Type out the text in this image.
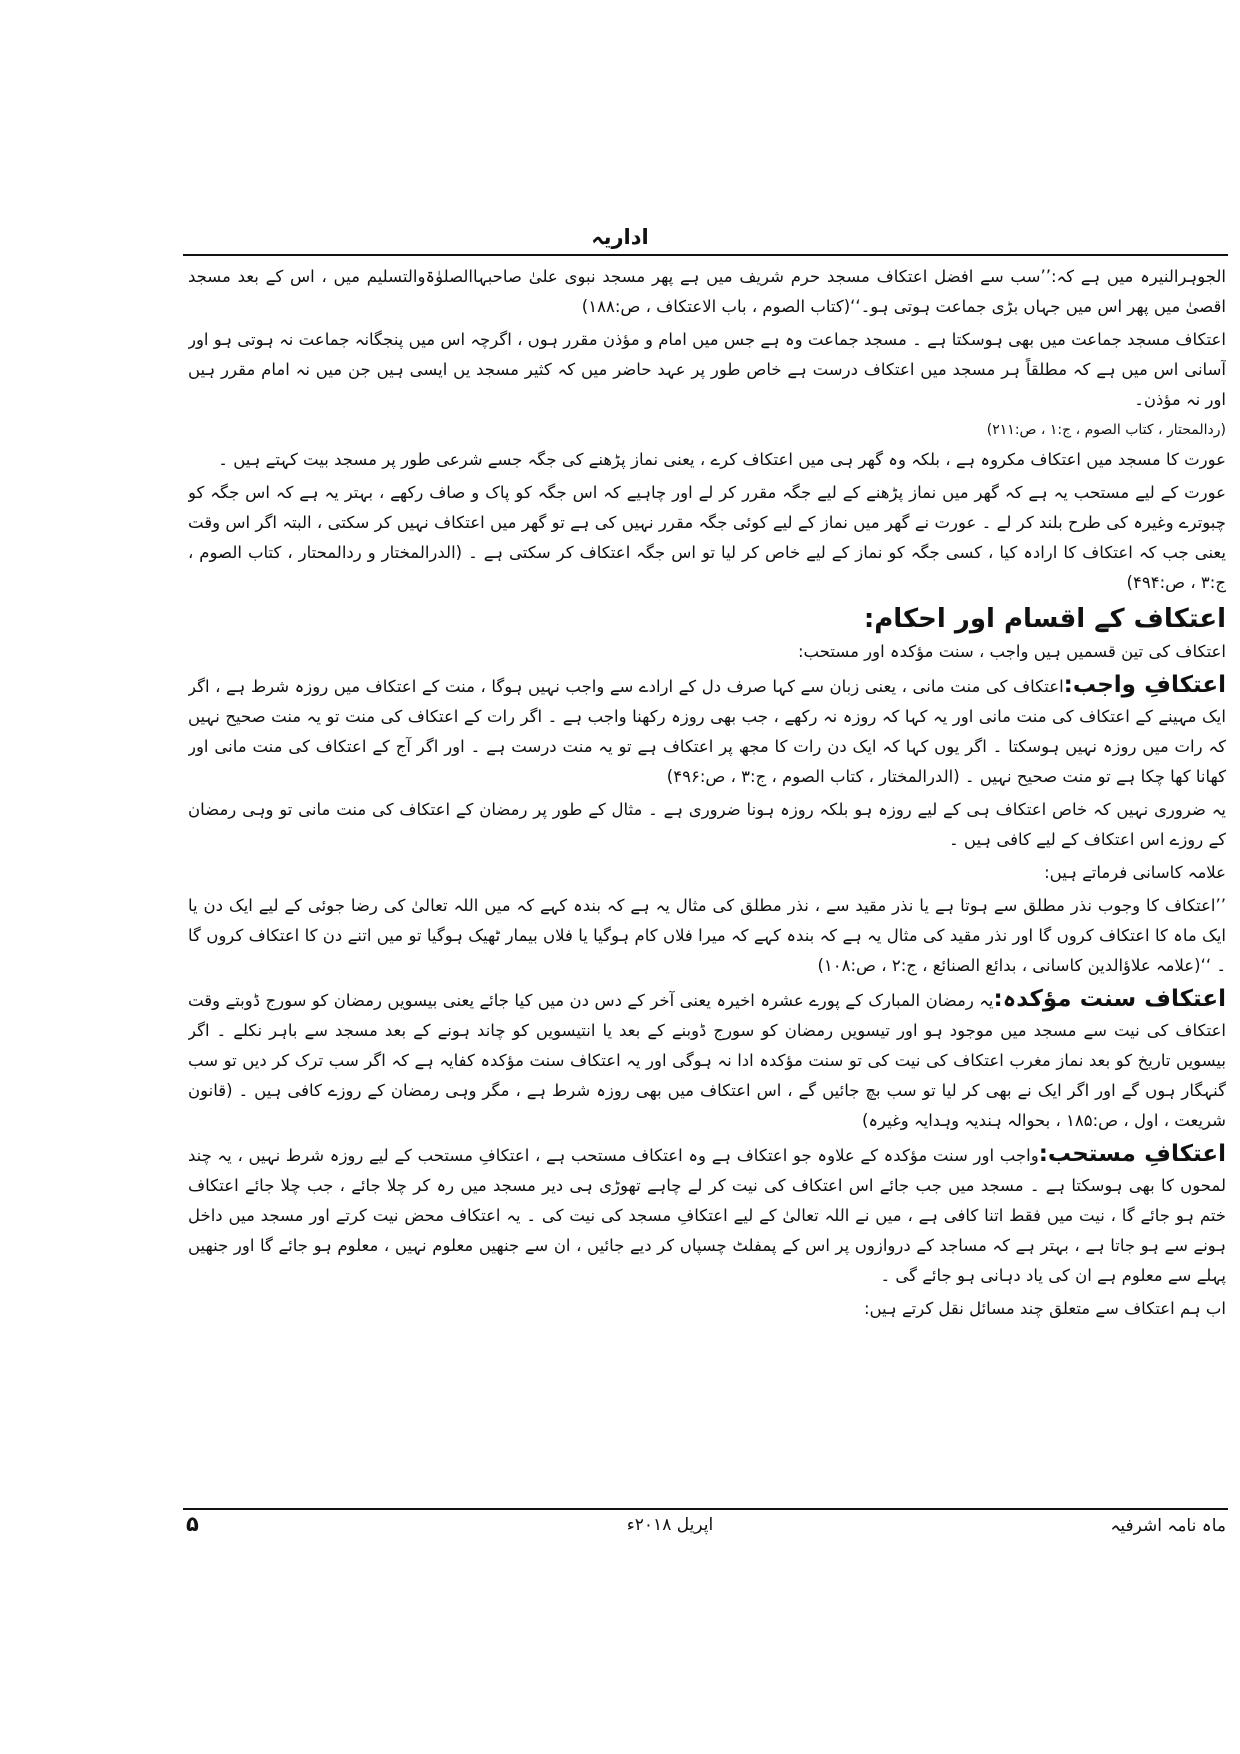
اداریہ

الجوہرالنیرہ میں ہے کہ:’’سب سے افضل اعتکاف مسجد حرم شریف میں ہے پھر مسجد نبوی علیٰ صاحبہاالصلوٰۃوالتسلیم میں ، اس کے بعد مسجد اقصیٰ میں پھر اس میں جہاں بڑی جماعت ہوتی ہو۔‘‘(کتاب الصوم ، باب الاعتکاف ، ص:۱۸۸)

اعتکاف مسجد جماعت میں بھی ہوسکتا ہے ۔ مسجد جماعت وہ ہے جس میں امام و مؤذن مقرر ہوں ، اگرچہ اس میں پنجگانہ جماعت نہ ہوتی ہو اور آسانی اس میں ہے کہ مطلقاً ہر مسجد میں اعتکاف درست ہے خاص طور پر عہد حاضر میں کہ کثیر مسجد یں ایسی ہیں جن میں نہ امام مقرر ہیں اور نہ مؤذن۔

(ردالمحتار ، کتاب الصوم ، ج:۱ ، ص:۲۱۱)

عورت کا مسجد میں اعتکاف مکروہ ہے ، بلکہ وہ گھر ہی میں اعتکاف کرے ، یعنی نماز پڑھنے کی جگہ جسے شرعی طور پر مسجد بیت کہتے ہیں ۔

عورت کے لیے مستحب یہ ہے کہ گھر میں نماز پڑھنے کے لیے جگہ مقرر کر لے اور چاہیے کہ اس جگہ کو پاک و صاف رکھے ، بہتر یہ ہے کہ اس جگہ کو چبوترے وغیرہ کی طرح بلند کر لے ۔ عورت نے گھر میں نماز کے لیے کوئی جگہ مقرر نہیں کی ہے تو گھر میں اعتکاف نہیں کر سکتی ، البتہ اگر اس وقت یعنی جب کہ اعتکاف کا ارادہ کیا ، کسی جگہ کو نماز کے لیے خاص کر لیا تو اس جگہ اعتکاف کر سکتی ہے ۔ (الدرالمختار و ردالمحتار ، کتاب الصوم ، ج:۳ ، ص:۴۹۴)

اعتکاف کے اقسام اور احکام:

اعتکاف کی تین قسمیں ہیں واجب ، سنت مؤکدہ اور مستحب:

اعتکافِ واجب:اعتکاف کی منت مانی ، یعنی زبان سے کہا صرف دل کے ارادے سے واجب نہیں ہوگا ، منت کے اعتکاف میں روزہ شرط ہے ، اگر ایک مہینے کے اعتکاف کی منت مانی اور یہ کہا کہ روزہ نہ رکھے ، جب بھی روزہ رکھنا واجب ہے ۔ اگر رات کے اعتکاف کی منت تو یہ منت صحیح نہیں کہ رات میں روزہ نہیں ہوسکتا ۔ اگر یوں کہا کہ ایک دن رات کا مجھ پر اعتکاف ہے تو یہ منت درست ہے ۔ اور اگر آج کے اعتکاف کی منت مانی اور کھانا کھا چکا ہے تو منت صحیح نہیں ۔ (الدرالمختار ، کتاب الصوم ، ج:۳ ، ص:۴۹۶)

یہ ضروری نہیں کہ خاص اعتکاف ہی کے لیے روزہ ہو بلکہ روزہ ہونا ضروری ہے ۔ مثال کے طور پر رمضان کے اعتکاف کی منت مانی تو وہی رمضان کے روزے اس اعتکاف کے لیے کافی ہیں ۔

علامہ کاسانی فرماتے ہیں:

’’اعتکاف کا وجوب نذر مطلق سے ہوتا ہے یا نذر مقید سے ، نذر مطلق کی مثال یہ ہے کہ بندہ کہے کہ میں اللہ تعالیٰ کی رضا جوئی کے لیے ایک دن یا ایک ماہ کا اعتکاف کروں گا اور نذر مقید کی مثال یہ ہے کہ بندہ کہے کہ میرا فلاں کام ہوگیا یا فلاں بیمار ٹھیک ہوگیا تو میں اتنے دن کا اعتکاف کروں گا ۔ ‘‘(علامہ علاؤالدین کاسانی ، بدائع الصنائع ، ج:۲ ، ص:۱۰۸)

اعتکاف سنت مؤکدہ:یہ رمضان المبارک کے پورے عشرہ اخیرہ یعنی آخر کے دس دن میں کیا جائے یعنی بیسویں رمضان کو سورج ڈوبتے وقت اعتکاف کی نیت سے مسجد میں موجود ہو اور تیسویں رمضان کو سورج ڈوبنے کے بعد یا انتیسویں کو چاند ہونے کے بعد مسجد سے باہر نکلے ۔ اگر بیسویں تاریخ کو بعد نماز مغرب اعتکاف کی نیت کی تو سنت مؤکدہ ادا نہ ہوگی اور یہ اعتکاف سنت مؤکدہ کفایہ ہے کہ اگر سب ترک کر دیں تو سب گنہگار ہوں گے اور اگر ایک نے بھی کر لیا تو سب بچ جائیں گے ، اس اعتکاف میں بھی روزہ شرط ہے ، مگر وہی رمضان کے روزے کافی ہیں ۔ (قانون شریعت ، اول ، ص:۱۸۵ ، بحوالہ ہندیہ وہدایہ وغیرہ)

اعتکافِ مستحب:واجب اور سنت مؤکدہ کے علاوہ جو اعتکاف ہے وہ اعتکاف مستحب ہے ، اعتکافِ مستحب کے لیے روزہ شرط نہیں ، یہ چند لمحوں کا بھی ہوسکتا ہے ۔ مسجد میں جب جائے اس اعتکاف کی نیت کر لے چاہے تھوڑی ہی دیر مسجد میں رہ کر چلا جائے ، جب چلا جائے اعتکاف ختم ہو جائے گا ، نیت میں فقط اتنا کافی ہے ، میں نے اللہ تعالیٰ کے لیے اعتکافِ مسجد کی نیت کی ۔ یہ اعتکاف محض نیت کرتے اور مسجد میں داخل ہونے سے ہو جاتا ہے ، بہتر ہے کہ مساجد کے دروازوں پر اس کے پمفلٹ چسپاں کر دیے جائیں ، ان سے جنھیں معلوم نہیں ، معلوم ہو جائے گا اور جنھیں پہلے سے معلوم ہے ان کی یاد دہانی ہو جائے گی ۔

اب ہم اعتکاف سے متعلق چند مسائل نقل کرتے ہیں:

۵	اپریل ۲۰۱۸ء	ماہ نامہ اشرفیہ
